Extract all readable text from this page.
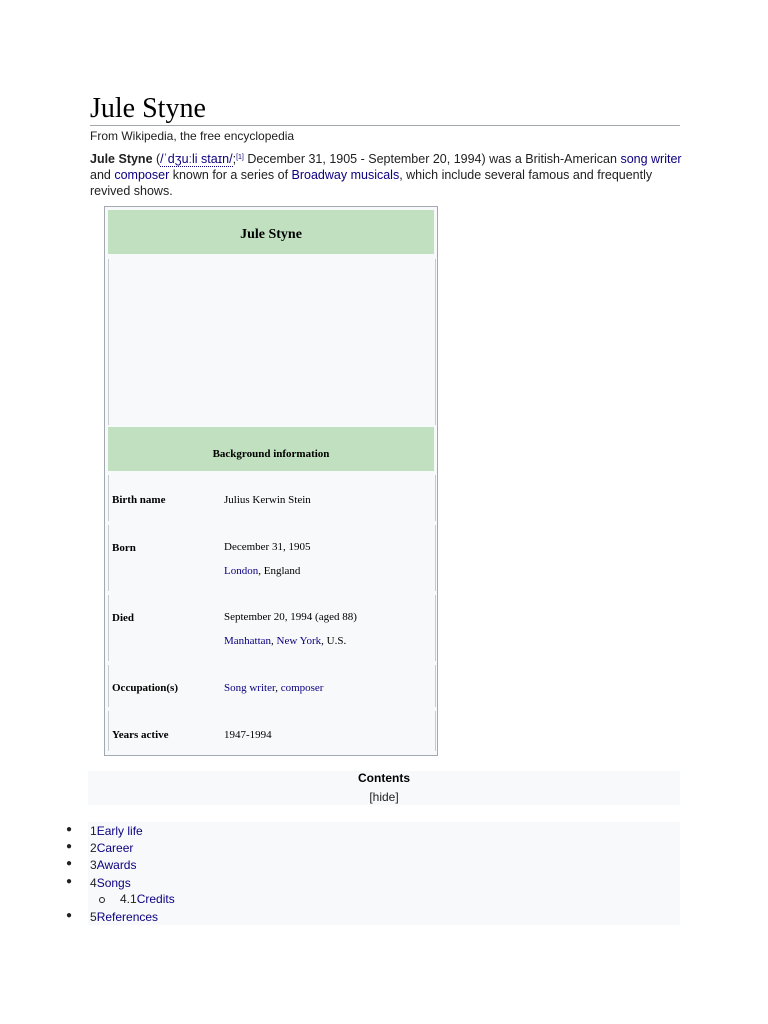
Jule Styne
From Wikipedia, the free encyclopedia
Jule Styne (/ˈdʒuːli staɪn/;[1] December 31, 1905 - September 20, 1994) was a British-American song writer and composer known for a series of Broadway musicals, which include several famous and frequently revived shows.
Jule Styne
Background information
Birth name	Julius Kerwin Stein
Born	December 31, 1905
London, England
Died	September 20, 1994 (aged 88)
Manhattan, New York, U.S.
Occupation(s)	Song writer, composer
Years active	1947-1994
Contents
[hide]
● 1Early life
● 2Career
● 3Awards
● 4Songs
4.1Credits
● 5References
